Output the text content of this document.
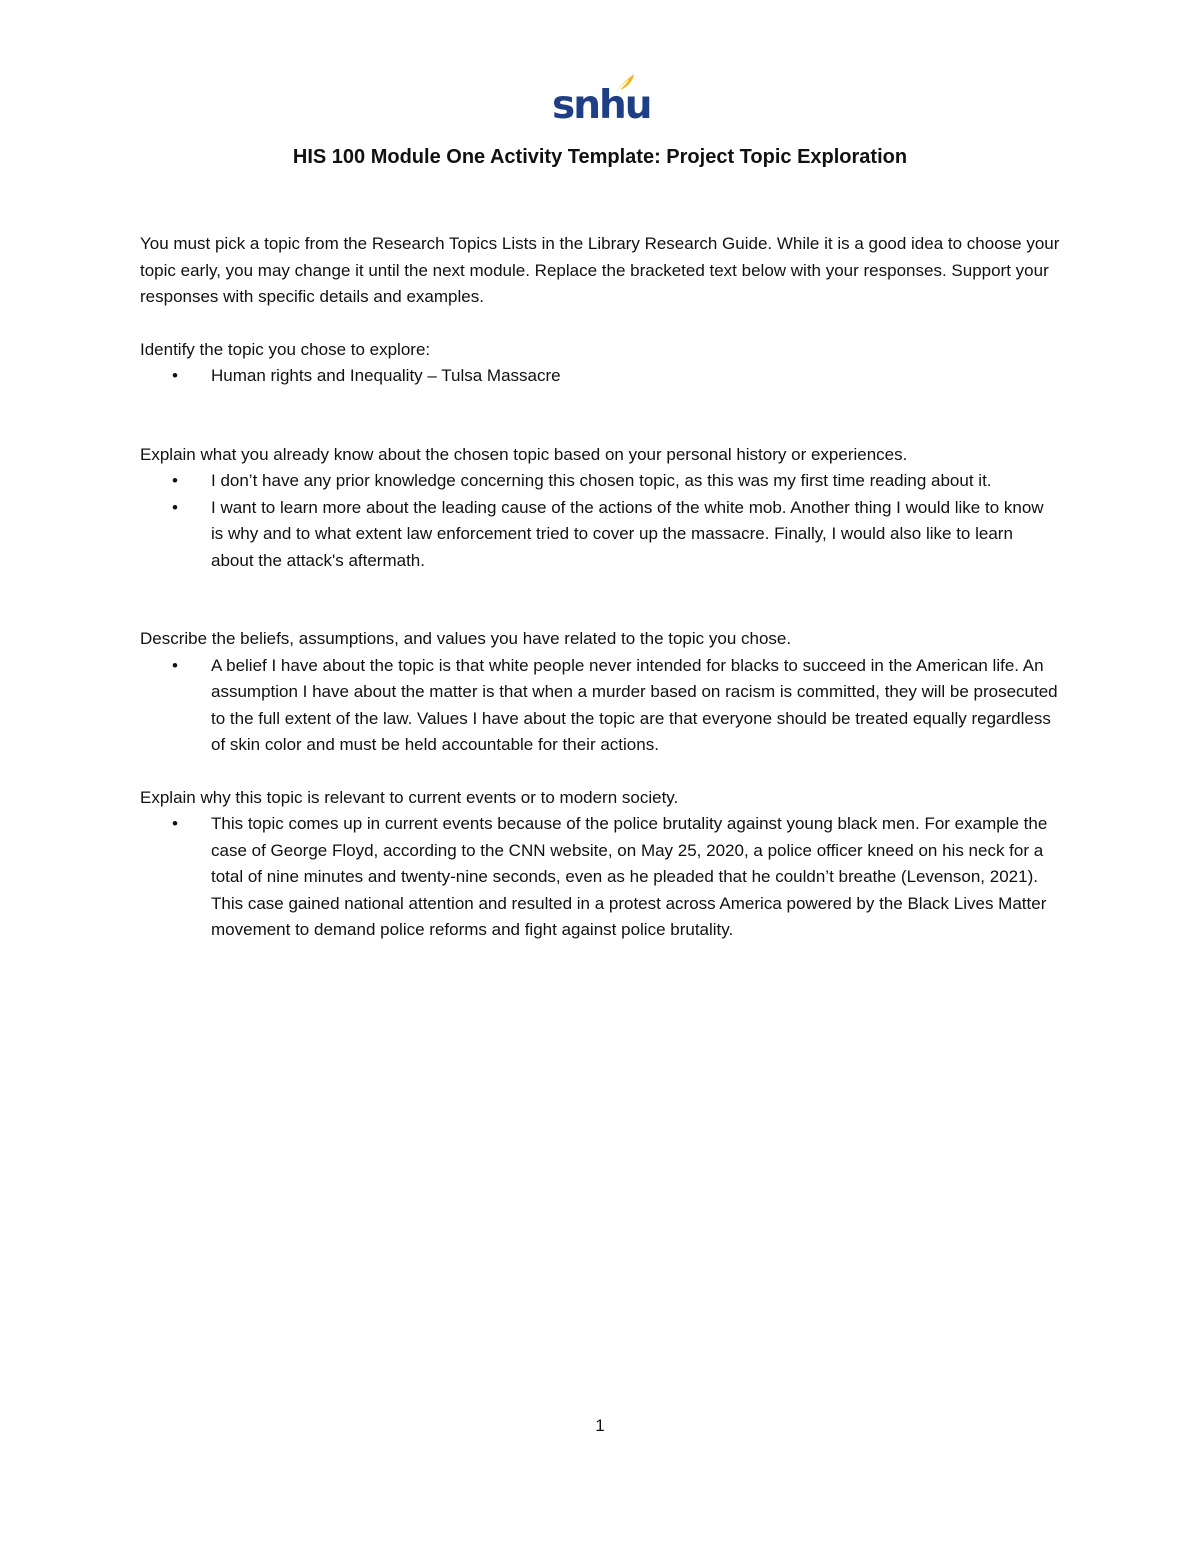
snhu
HIS 100 Module One Activity Template: Project Topic Exploration

You must pick a topic from the Research Topics Lists in the Library Research Guide. While it is a good idea to choose your topic early, you may change it until the next module. Replace the bracketed text below with your responses. Support your responses with specific details and examples.

Identify the topic you chose to explore:

• Human rights and Inequality – Tulsa Massacre

Explain what you already know about the chosen topic based on your personal history or experiences.

• I don’t have any prior knowledge concerning this chosen topic, as this was my first time reading about it.
• I want to learn more about the leading cause of the actions of the white mob. Another thing I would like to know is why and to what extent law enforcement tried to cover up the massacre. Finally, I would also like to learn about the attack's aftermath.

Describe the beliefs, assumptions, and values you have related to the topic you chose.

• A belief I have about the topic is that white people never intended for blacks to succeed in the American life. An assumption I have about the matter is that when a murder based on racism is committed, they will be prosecuted to the full extent of the law. Values I have about the topic are that everyone should be treated equally regardless of skin color and must be held accountable for their actions.

Explain why this topic is relevant to current events or to modern society.

• This topic comes up in current events because of the police brutality against young black men. For example the case of George Floyd, according to the CNN website, on May 25, 2020, a police officer kneed on his neck for a total of nine minutes and twenty-nine seconds, even as he pleaded that he couldn’t breathe (Levenson, 2021). This case gained national attention and resulted in a protest across America powered by the Black Lives Matter movement to demand police reforms and fight against police brutality.
1
